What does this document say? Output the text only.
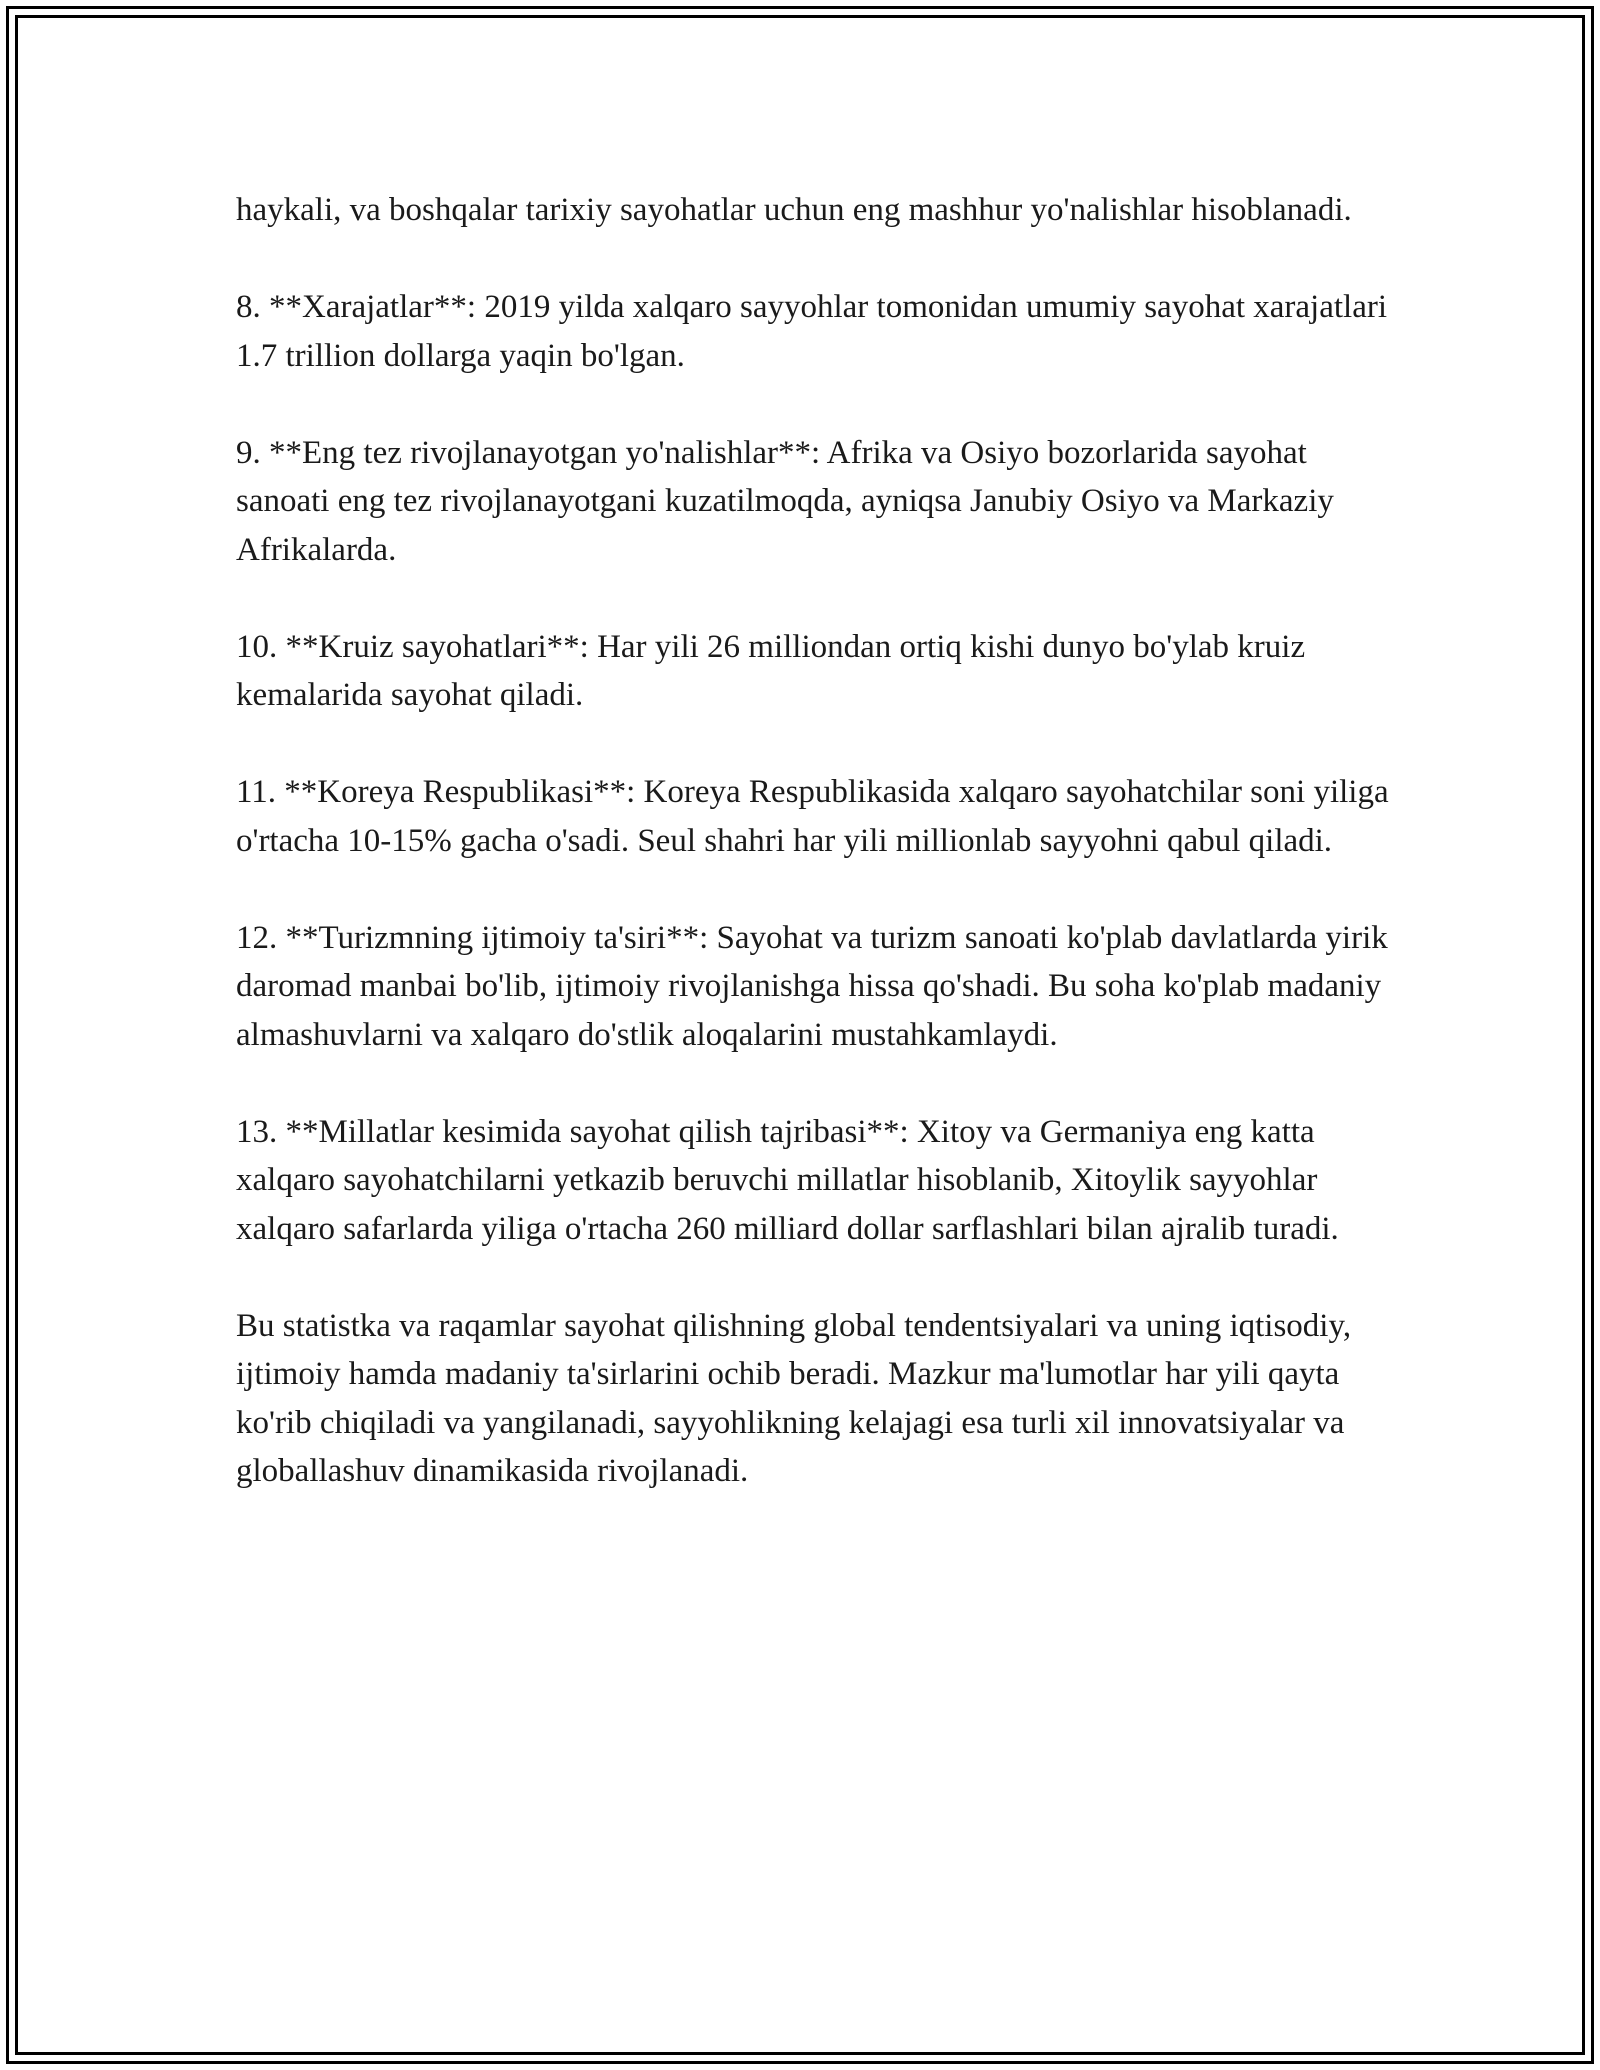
haykali, va boshqalar tarixiy sayohatlar uchun eng mashhur yo'nalishlar hisoblanadi.

8. **Xarajatlar**: 2019 yilda xalqaro sayyohlar tomonidan umumiy sayohat xarajatlari 1.7 trillion dollarga yaqin bo'lgan.

9. **Eng tez rivojlanayotgan yo'nalishlar**: Afrika va Osiyo bozorlarida sayohat sanoati eng tez rivojlanayotgani kuzatilmoqda, ayniqsa Janubiy Osiyo va Markaziy Afrikalarda.

10. **Kruiz sayohatlari**: Har yili 26 milliondan ortiq kishi dunyo bo'ylab kruiz kemalarida sayohat qiladi.

11. **Koreya Respublikasi**: Koreya Respublikasida xalqaro sayohatchilar soni yiliga o'rtacha 10-15% gacha o'sadi. Seul shahri har yili millionlab sayyohni qabul qiladi.

12. **Turizmning ijtimoiy ta'siri**: Sayohat va turizm sanoati ko'plab davlatlarda yirik daromad manbai bo'lib, ijtimoiy rivojlanishga hissa qo'shadi. Bu soha ko'plab madaniy almashuvlarni va xalqaro do'stlik aloqalarini mustahkamlaydi.

13. **Millatlar kesimida sayohat qilish tajribasi**: Xitoy va Germaniya eng katta xalqaro sayohatchilarni yetkazib beruvchi millatlar hisoblanib, Xitoylik sayyohlar xalqaro safarlarda yiliga o'rtacha 260 milliard dollar sarflashlari bilan ajralib turadi.

Bu statistka va raqamlar sayohat qilishning global tendentsiyalari va uning iqtisodiy, ijtimoiy hamda madaniy ta'sirlarini ochib beradi. Mazkur ma'lumotlar har yili qayta ko'rib chiqiladi va yangilanadi, sayyohlikning kelajagi esa turli xil innovatsiyalar va globallashuv dinamikasida rivojlanadi.
